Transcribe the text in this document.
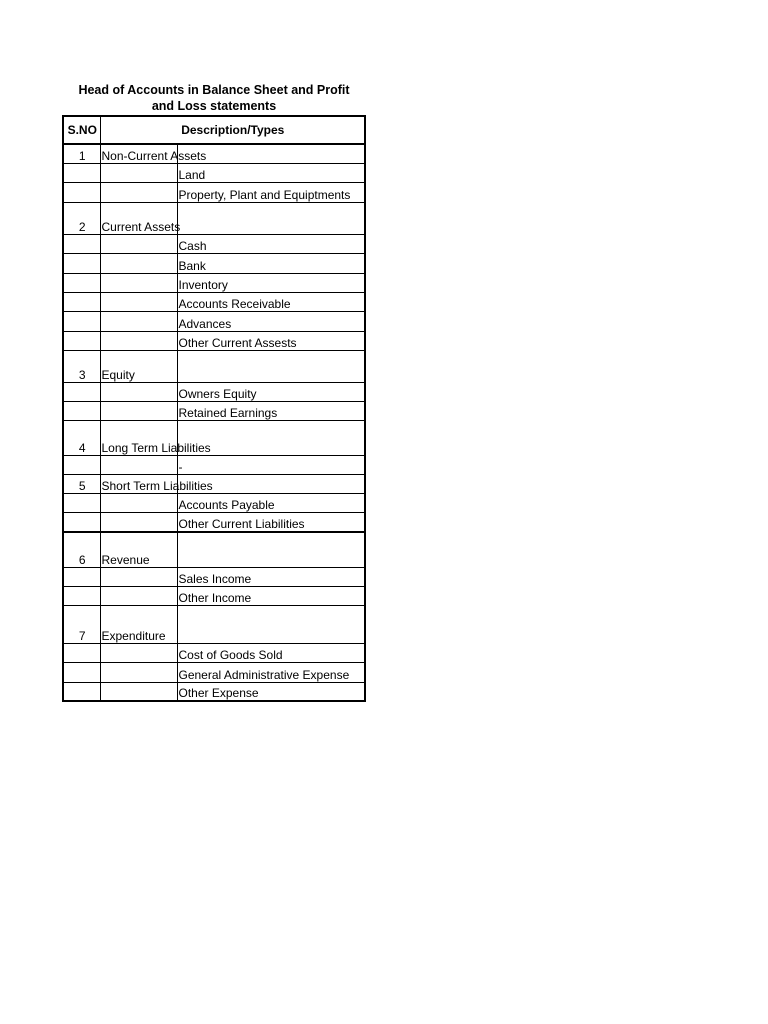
Head of Accounts in Balance Sheet and Profit
and Loss statements
S.NO	Description/Types	
1	Non-Current Assets	
		Land
		Property, Plant and Equiptments
2	Current Assets	
		Cash
		Bank
		Inventory
		Accounts Receivable
		Advances
		Other Current Assests
3	Equity	
		Owners Equity
		Retained Earnings
4	Long Term Liabilities	
		-
5	Short Term Liabilities	
		Accounts Payable
		Other Current Liabilities
6	Revenue	
		Sales Income
		Other Income
7	Expenditure	
		Cost of Goods Sold
		General Administrative Expense
		Other Expense
